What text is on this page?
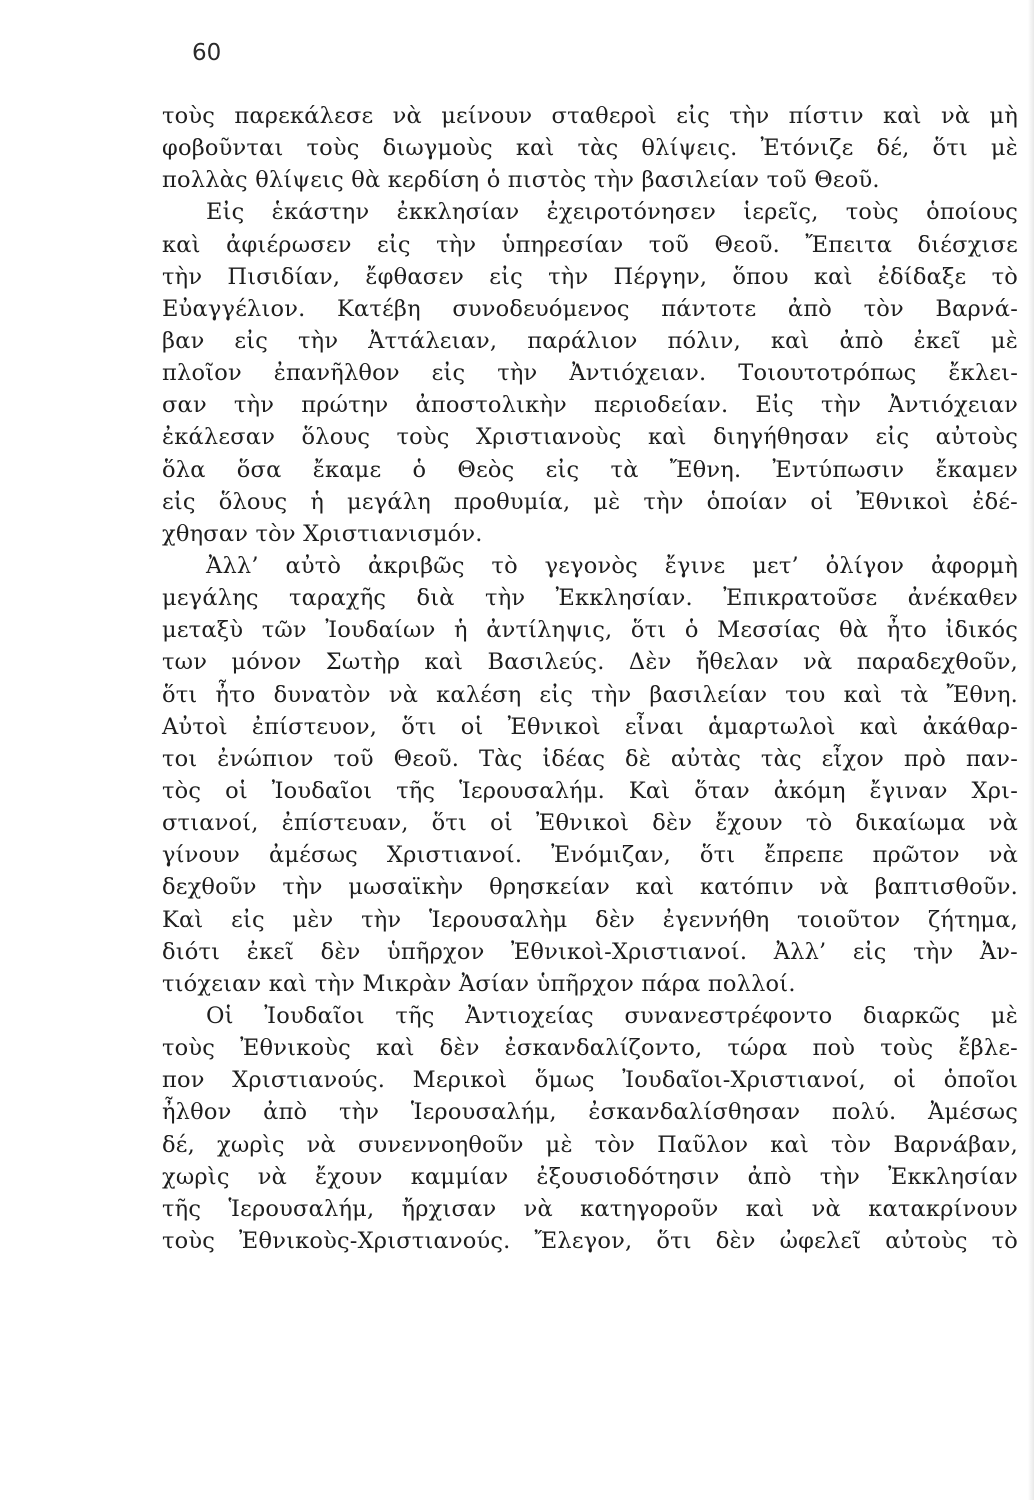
60
τοὺς παρεκάλεσε νὰ μείνουν σταθεροὶ εἰς τὴν πίστιν καὶ νὰ μὴ
φοβοῦνται τοὺς διωγμοὺς καὶ τὰς θλίψεις. Ἐτόνιζε δέ, ὅτι μὲ
πολλὰς θλίψεις θὰ κερδίση ὁ πιστὸς τὴν βασιλείαν τοῦ Θεοῦ.
Εἰς ἑκάστην ἐκκλησίαν ἐχειροτόνησεν ἱερεῖς, τοὺς ὁποίους
καὶ ἀφιέρωσεν εἰς τὴν ὑπηρεσίαν τοῦ Θεοῦ. Ἔπειτα διέσχισε
τὴν Πισιδίαν, ἔφθασεν εἰς τὴν Πέργην, ὅπου καὶ ἐδίδαξε τὸ
Εὐαγγέλιον. Κατέβη συνοδευόμενος πάντοτε ἀπὸ τὸν Βαρνά-
βαν εἰς τὴν Ἀττάλειαν, παράλιον πόλιν, καὶ ἀπὸ ἐκεῖ μὲ
πλοῖον ἐπανῆλθον εἰς τὴν Ἀντιόχειαν. Τοιουτοτρόπως ἔκλει-
σαν τὴν πρώτην ἀποστολικὴν περιοδείαν. Εἰς τὴν Ἀντιόχειαν
ἐκάλεσαν ὅλους τοὺς Χριστιανοὺς καὶ διηγήθησαν εἰς αὐτοὺς
ὅλα ὅσα ἔκαμε ὁ Θεὸς εἰς τὰ Ἔθνη. Ἐντύπωσιν ἔκαμεν
εἰς ὅλους ἡ μεγάλη προθυμία, μὲ τὴν ὁποίαν οἱ Ἐθνικοὶ ἐδέ-
χθησαν τὸν Χριστιανισμόν.
Ἀλλ’ αὐτὸ ἀκριβῶς τὸ γεγονὸς ἔγινε μετ’ ὀλίγον ἀφορμὴ
μεγάλης ταραχῆς διὰ τὴν Ἐκκλησίαν. Ἐπικρατοῦσε ἀνέκαθεν
μεταξὺ τῶν Ἰουδαίων ἡ ἀντίληψις, ὅτι ὁ Μεσσίας θὰ ἦτο ἰδικός
των μόνον Σωτὴρ καὶ Βασιλεύς. Δὲν ἤθελαν νὰ παραδεχθοῦν,
ὅτι ἦτο δυνατὸν νὰ καλέση εἰς τὴν βασιλείαν του καὶ τὰ Ἔθνη.
Αὐτοὶ ἐπίστευον, ὅτι οἱ Ἐθνικοὶ εἶναι ἁμαρτωλοὶ καὶ ἀκάθαρ-
τοι ἐνώπιον τοῦ Θεοῦ. Τὰς ἰδέας δὲ αὐτὰς τὰς εἶχον πρὸ παν-
τὸς οἱ Ἰουδαῖοι τῆς Ἱερουσαλήμ. Καὶ ὅταν ἀκόμη ἔγιναν Χρι-
στιανοί, ἐπίστευαν, ὅτι οἱ Ἐθνικοὶ δὲν ἔχουν τὸ δικαίωμα νὰ
γίνουν ἀμέσως Χριστιανοί. Ἐνόμιζαν, ὅτι ἔπρεπε πρῶτον νὰ
δεχθοῦν τὴν μωσαϊκὴν θρησκείαν καὶ κατόπιν νὰ βαπτισθοῦν.
Καὶ εἰς μὲν τὴν Ἱερουσαλὴμ δὲν ἐγεννήθη τοιοῦτον ζήτημα,
διότι ἐκεῖ δὲν ὑπῆρχον Ἐθνικοὶ-Χριστιανοί. Ἀλλ’ εἰς τὴν Ἀν-
τιόχειαν καὶ τὴν Μικρὰν Ἀσίαν ὑπῆρχον πάρα πολλοί.
Οἱ Ἰουδαῖοι τῆς Ἀντιοχείας συνανεστρέφοντο διαρκῶς μὲ
τοὺς Ἐθνικοὺς καὶ δὲν ἐσκανδαλίζοντο, τώρα ποὺ τοὺς ἔβλε-
πον Χριστιανούς. Μερικοὶ ὅμως Ἰουδαῖοι-Χριστιανοί, οἱ ὁποῖοι
ἦλθον ἀπὸ τὴν Ἱερουσαλήμ, ἐσκανδαλίσθησαν πολύ. Ἀμέσως
δέ, χωρὶς νὰ συνεννοηθοῦν μὲ τὸν Παῦλον καὶ τὸν Βαρνάβαν,
χωρὶς νὰ ἔχουν καμμίαν ἐξουσιοδότησιν ἀπὸ τὴν Ἐκκλησίαν
τῆς Ἱερουσαλήμ, ἤρχισαν νὰ κατηγοροῦν καὶ νὰ κατακρίνουν
τοὺς Ἐθνικοὺς-Χριστιανούς. Ἔλεγον, ὅτι δὲν ὠφελεῖ αὐτοὺς τὸ
